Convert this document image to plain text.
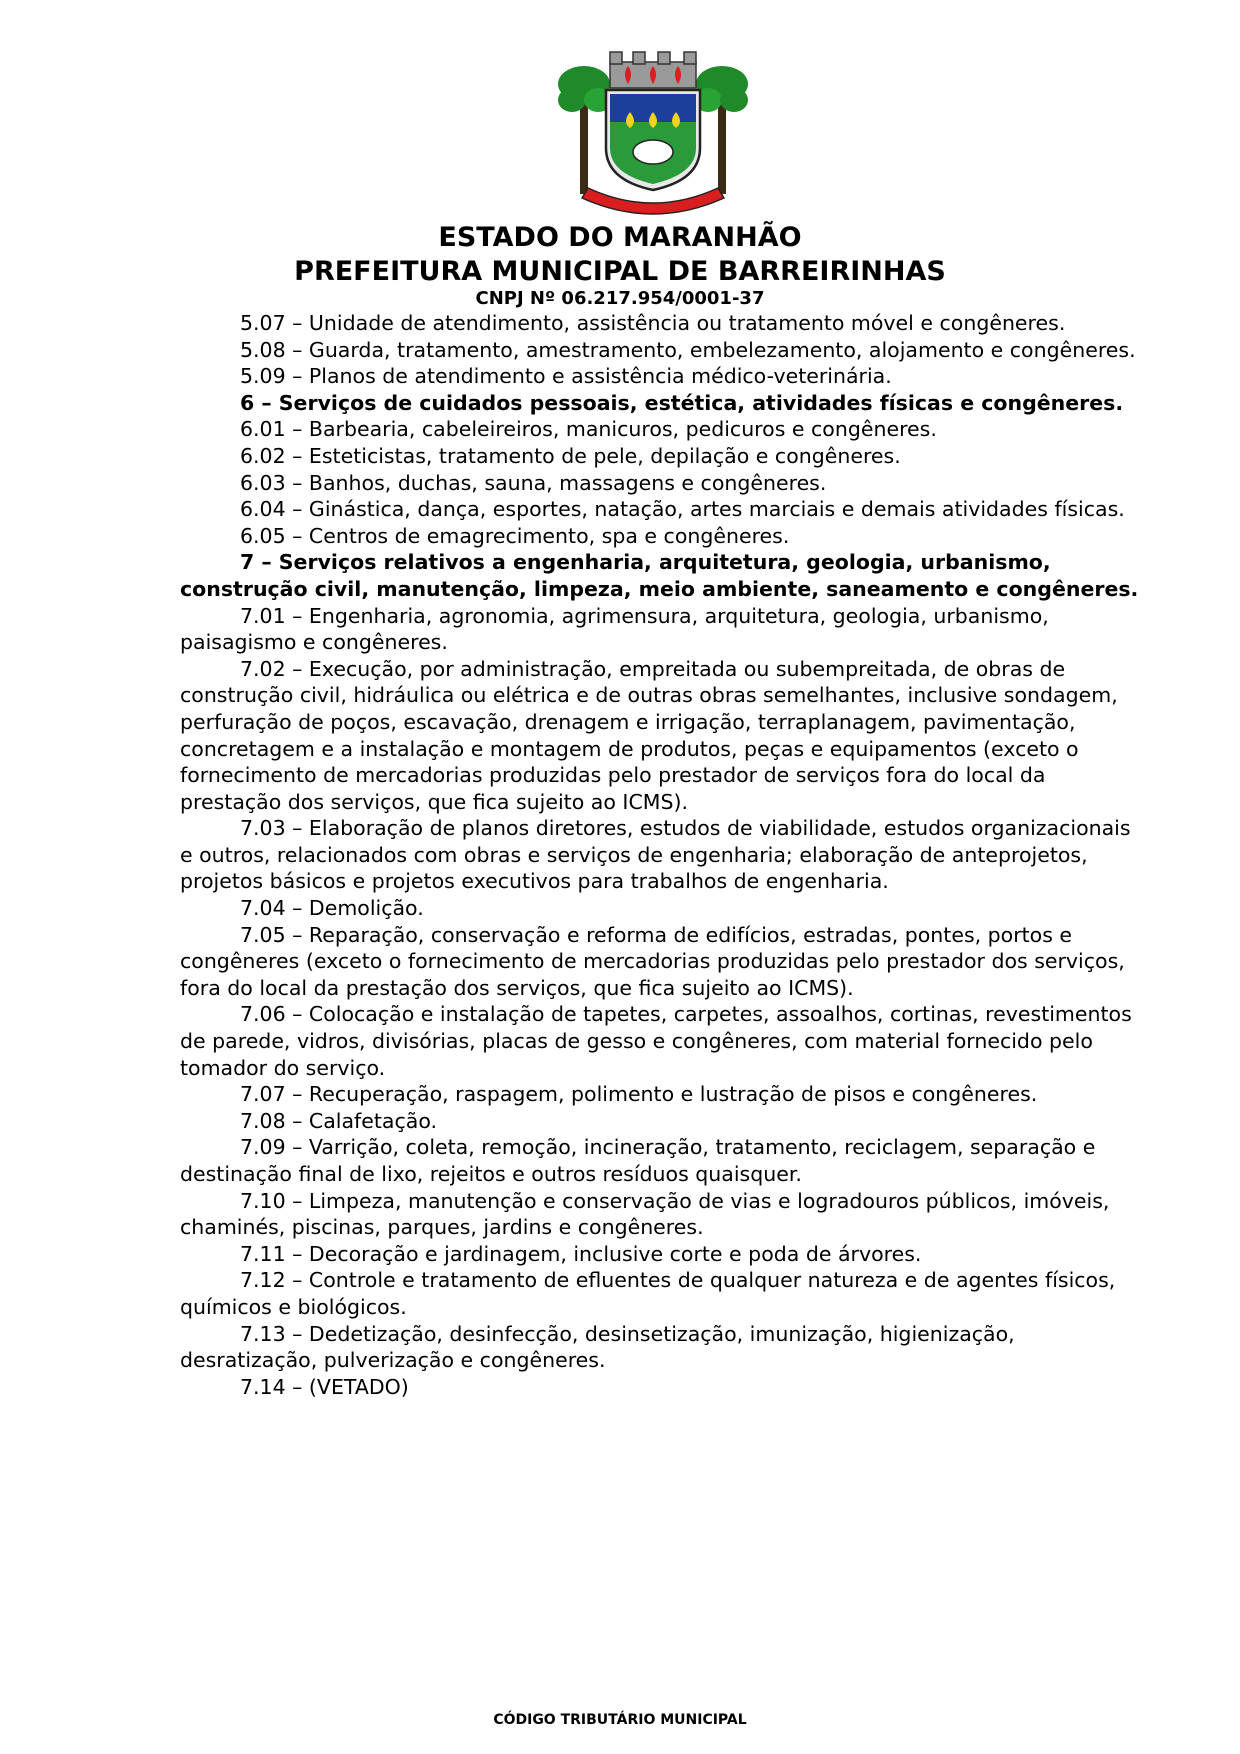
ESTADO DO MARANHÃO
PREFEITURA MUNICIPAL DE BARREIRINHAS
CNPJ Nº 06.217.954/0001-37

5.07 – Unidade de atendimento, assistência ou tratamento móvel e congêneres.

5.08 – Guarda, tratamento, amestramento, embelezamento, alojamento e congêneres.

5.09 – Planos de atendimento e assistência médico-veterinária.

6 – Serviços de cuidados pessoais, estética, atividades físicas e congêneres.

6.01 – Barbearia, cabeleireiros, manicuros, pedicuros e congêneres.

6.02 – Esteticistas, tratamento de pele, depilação e congêneres.

6.03 – Banhos, duchas, sauna, massagens e congêneres.

6.04 – Ginástica, dança, esportes, natação, artes marciais e demais atividades físicas.

6.05 – Centros de emagrecimento, spa e congêneres.

7 – Serviços relativos a engenharia, arquitetura, geologia, urbanismo, construção civil, manutenção, limpeza, meio ambiente, saneamento e congêneres.

7.01 – Engenharia, agronomia, agrimensura, arquitetura, geologia, urbanismo, paisagismo e congêneres.

7.02 – Execução, por administração, empreitada ou subempreitada, de obras de construção civil, hidráulica ou elétrica e de outras obras semelhantes, inclusive sondagem, perfuração de poços, escavação, drenagem e irrigação, terraplanagem, pavimentação, concretagem e a instalação e montagem de produtos, peças e equipamentos (exceto o fornecimento de mercadorias produzidas pelo prestador de serviços fora do local da prestação dos serviços, que fica sujeito ao ICMS).

7.03 – Elaboração de planos diretores, estudos de viabilidade, estudos organizacionais e outros, relacionados com obras e serviços de engenharia; elaboração de anteprojetos, projetos básicos e projetos executivos para trabalhos de engenharia.

7.04 – Demolição.

7.05 – Reparação, conservação e reforma de edifícios, estradas, pontes, portos e congêneres (exceto o fornecimento de mercadorias produzidas pelo prestador dos serviços, fora do local da prestação dos serviços, que fica sujeito ao ICMS).

7.06 – Colocação e instalação de tapetes, carpetes, assoalhos, cortinas, revestimentos de parede, vidros, divisórias, placas de gesso e congêneres, com material fornecido pelo tomador do serviço.

7.07 – Recuperação, raspagem, polimento e lustração de pisos e congêneres.

7.08 – Calafetação.

7.09 – Varrição, coleta, remoção, incineração, tratamento, reciclagem, separação e destinação final de lixo, rejeitos e outros resíduos quaisquer.

7.10 – Limpeza, manutenção e conservação de vias e logradouros públicos, imóveis, chaminés, piscinas, parques, jardins e congêneres.

7.11 – Decoração e jardinagem, inclusive corte e poda de árvores.

7.12 – Controle e tratamento de efluentes de qualquer natureza e de agentes físicos, químicos e biológicos.

7.13 – Dedetização, desinfecção, desinsetização, imunização, higienização, desratização, pulverização e congêneres.

7.14 – (VETADO)

CÓDIGO TRIBUTÁRIO MUNICIPAL
